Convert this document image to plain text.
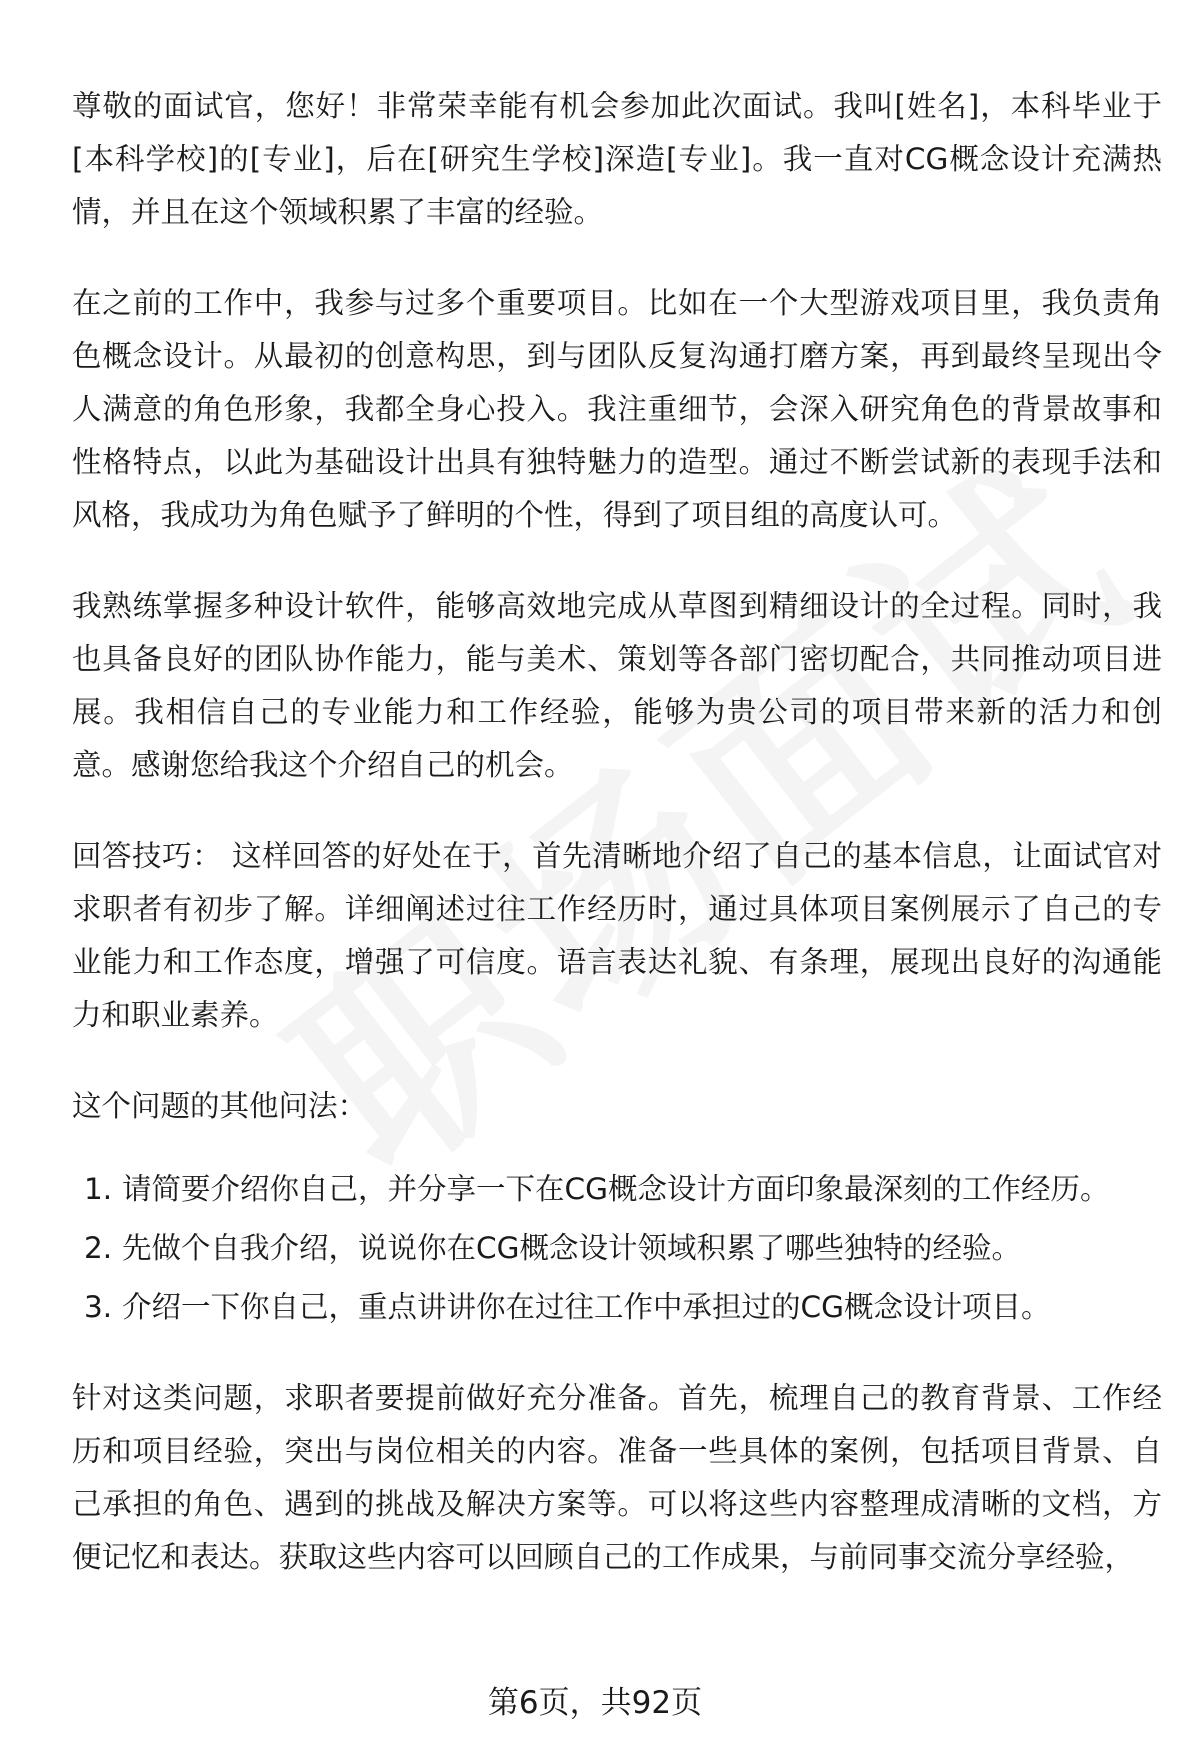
尊敬的面试官，您好！非常荣幸能有机会参加此次面试。我叫[姓名]，本科毕业于[本科学校]的[专业]，后在[研究生学校]深造[专业]。我一直对CG概念设计充满热情，并且在这个领域积累了丰富的经验。

在之前的工作中，我参与过多个重要项目。比如在一个大型游戏项目里，我负责角色概念设计。从最初的创意构思，到与团队反复沟通打磨方案，再到最终呈现出令人满意的角色形象，我都全身心投入。我注重细节，会深入研究角色的背景故事和性格特点，以此为基础设计出具有独特魅力的造型。通过不断尝试新的表现手法和风格，我成功为角色赋予了鲜明的个性，得到了项目组的高度认可。

我熟练掌握多种设计软件，能够高效地完成从草图到精细设计的全过程。同时，我也具备良好的团队协作能力，能与美术、策划等各部门密切配合，共同推动项目进展。我相信自己的专业能力和工作经验，能够为贵公司的项目带来新的活力和创意。感谢您给我这个介绍自己的机会。

回答技巧： 这样回答的好处在于，首先清晰地介绍了自己的基本信息，让面试官对求职者有初步了解。详细阐述过往工作经历时，通过具体项目案例展示了自己的专业能力和工作态度，增强了可信度。语言表达礼貌、有条理，展现出良好的沟通能力和职业素养。

这个问题的其他问法：

1. 请简要介绍你自己，并分享一下在CG概念设计方面印象最深刻的工作经历。
2. 先做个自我介绍，说说你在CG概念设计领域积累了哪些独特的经验。
3. 介绍一下你自己，重点讲讲你在过往工作中承担过的CG概念设计项目。

针对这类问题，求职者要提前做好充分准备。首先，梳理自己的教育背景、工作经历和项目经验，突出与岗位相关的内容。准备一些具体的案例，包括项目背景、自己承担的角色、遇到的挑战及解决方案等。可以将这些内容整理成清晰的文档，方便记忆和表达。获取这些内容可以回顾自己的工作成果，与前同事交流分享经验，

第6页，共92页
